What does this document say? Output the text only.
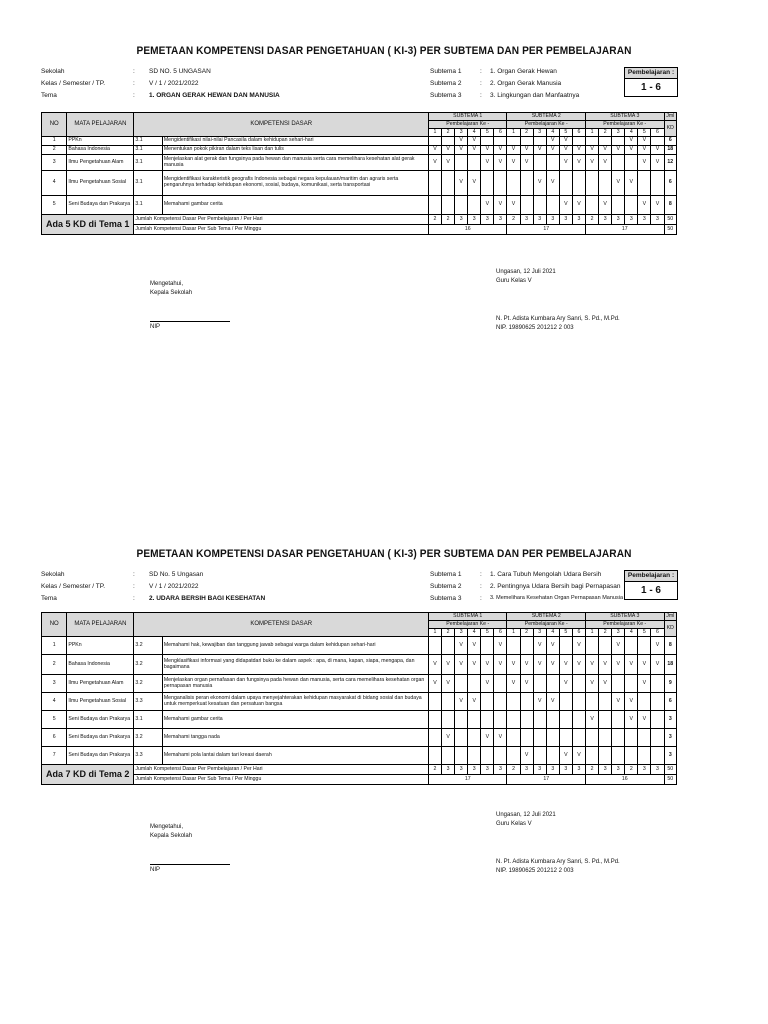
PEMETAAN KOMPETENSI DASAR PENGETAHUAN ( KI-3) PER SUBTEMA DAN PER PEMBELAJARAN
Sekolah	: SD NO. 5 UNGASAN
Kelas / Semester / TP.	: V / 1 / 2021/2022
Tema	: 1. ORGAN GERAK HEWAN DAN MANUSIA
Subtema 1	: 1. Organ Gerak Hewan
Subtema 2	: 2. Organ Gerak Manusia
Subtema 3	: 3. Lingkungan dan Manfaatnya
Pembelajaran :
1 - 6
NO	MATA PELAJARAN	KOMPETENSI DASAR		SUBTEMA 1						SUBTEMA 2						SUBTEMA 3						Jml
				Pembelajaran Ke -						Pembelajaran Ke -						Pembelajaran Ke -						KD
				1	2	3	4	5	6	1	2	3	4	5	6	1	2	3	4	5	6	
1	PPKn	3.1	Mengidentifikasi nilai-nilai Pancasila dalam kehidupan sehari-hari			V	V						V	V					V	V		6
2	Bahasa Indonesia	3.1	Menentukan pokok pikiran dalam teks lisan dan tulis	V	V	V	V	V	V	V	V	V	V	V	V	V	V	V	V	V	V	18
3	Ilmu Pengetahuan Alam	3.1	Menjelaskan alat gerak dan fungsinya pada hewan dan manusia serta cara memelihara kesehatan alat gerak manusia	V	V			V	V	V	V			V	V	V	V			V	V	12
4	Ilmu Pengetahuan Sosial	3.1	Mengidentifikasi karakteristik geografis Indonesia sebagai negara kepulauan/maritim dan agraris serta pengaruhnya terhadap kehidupan ekonomi, sosial, budaya, komunikasi, serta transportasi			V	V					V	V					V	V			6
5	Seni Budaya dan Prakarya	3.1	Memahami gambar cerita					V	V	V				V	V		V			V	V	8
Ada 5 KD di Tema 1		Jumlah Kompetensi Dasar Per Pembelajaran / Per Hari		2	2	3	3	3	3	2	3	3	3	3	3	2	3	3	3	3	3	50
		Jumlah Kompetensi Dasar Per Sub Tema / Per Minggu		16						17						17						50
Ungasan, 12 Juli 2021
Guru Kelas V
Mengetahui,
Kepala Sekolah
NIP
N. Pt. Adista Kumbara Ary Sanri, S. Pd., M.Pd.
NIP. 19890625 201212 2 003
PEMETAAN KOMPETENSI DASAR PENGETAHUAN ( KI-3) PER SUBTEMA DAN PER PEMBELAJARAN
Sekolah	: SD No. 5 Ungasan
Kelas / Semester / TP.	: V / 1 / 2021/2022
Tema	: 2. UDARA BERSIH BAGI KESEHATAN
Subtema 1	: 1. Cara Tubuh Mengolah Udara Bersih
Subtema 2	: 2. Pentingnya Udara Bersih bagi Pernapasan
Subtema 3	: 3. Memelihara Kesehatan Organ Pernapasan Manusia
Pembelajaran :
1 - 6
NO	MATA PELAJARAN	KOMPETENSI DASAR		SUBTEMA 1						SUBTEMA 2						SUBTEMA 3						Jml
				Pembelajaran Ke -						Pembelajaran Ke -						Pembelajaran Ke -						KD
				1	2	3	4	5	6	1	2	3	4	5	6	1	2	3	4	5	6	
1	PPKn	3.2	Memahami hak, kewajiban dan tanggung jawab sebagai warga dalam kehidupan sehari-hari			V	V		V			V	V		V			V			V	8
2	Bahasa Indonesia	3.2	Mengklasifikasi informasi yang didapatdari buku ke dalam aspek : apa, di mana, kapan, siapa, mengapa, dan bagaimana	V	V	V	V	V	V	V	V	V	V	V	V	V	V	V	V	V	V	18
3	Ilmu Pengetahuan Alam	3.2	Menjelaskan organ pernafasan dan fungsinya pada hewan dan manusia, serta cara memelihara kesehatan organ pernapasan manusia	V	V			V		V	V			V		V	V			V		9
4	Ilmu Pengetahuan Sosial	3.3	Menganalisis peran ekonomi dalam upaya menyejahterakan kehidupan masyarakat di bidang sosial dan budaya untuk memperkuat kesatuan dan persatuan bangsa			V	V					V	V					V	V			6
5	Seni Budaya dan Prakarya	3.1	Memahami gambar cerita													V			V	V		3
6	Seni Budaya dan Prakarya	3.2	Memahami tangga nada		V			V	V													3
7	Seni Budaya dan Prakarya	3.3	Memahami pola lantai dalam tari kreasi daerah								V			V	V							3
Ada 7 KD di Tema 2		Jumlah Kompetensi Dasar Per Pembelajaran / Per Hari		2	3	3	3	3	3	2	3	3	3	3	3	2	3	3	2	3	3	50
		Jumlah Kompetensi Dasar Per Sub Tema / Per Minggu		17						17						16						50
Ungasan, 12 Juli 2021
Guru Kelas V
Mengetahui,
Kepala Sekolah
NIP
N. Pt. Adista Kumbara Ary Sanri, S. Pd., M.Pd.
NIP. 19890625 201212 2 003
